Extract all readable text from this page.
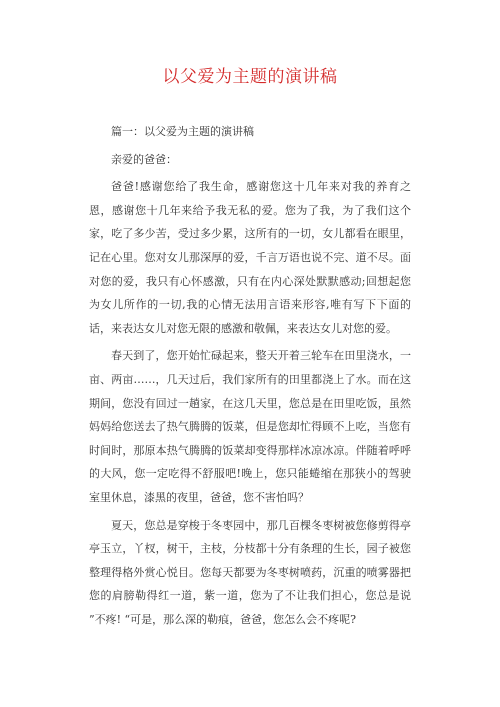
以父爱为主题的演讲稿

篇一：以父爱为主题的演讲稿

亲爱的爸爸：

爸爸!感谢您给了我生命，感谢您这十几年来对我的养育之恩，感谢您十几年来给予我无私的爱。您为了我，为了我们这个家，吃了多少苦，受过多少累，这所有的一切，女儿都看在眼里，记在心里。您对女儿那深厚的爱，千言万语也说不完、道不尽。面对您的爱，我只有心怀感激，只有在内心深处默默感动;回想起您为女儿所作的一切,我的心情无法用言语来形容,唯有写下下面的话，来表达女儿对您无限的感激和敬佩，来表达女儿对您的爱。

春天到了，您开始忙碌起来，整天开着三轮车在田里浇水，一亩、两亩……，几天过后，我们家所有的田里都浇上了水。而在这期间，您没有回过一趟家，在这几天里，您总是在田里吃饭，虽然妈妈给您送去了热气腾腾的饭菜，但是您却忙得顾不上吃，当您有时间时，那原本热气腾腾的饭菜却变得那样冰凉冰凉。伴随着呼呼的大风，您一定吃得不舒服吧!晚上，您只能蜷缩在那狭小的驾驶室里休息，漆黑的夜里，爸爸，您不害怕吗？

夏天，您总是穿梭于冬枣园中，那几百棵冬枣树被您修剪得亭亭玉立，丫杈，树干，主枝，分枝都十分有条理的生长，园子被您整理得格外赏心悦目。您每天都要为冬枣树喷药，沉重的喷雾器把您的肩膀勒得红一道，紫一道，您为了不让我们担心，您总是说 ”不疼! “可是，那么深的勒痕，爸爸，您怎么会不疼呢?
